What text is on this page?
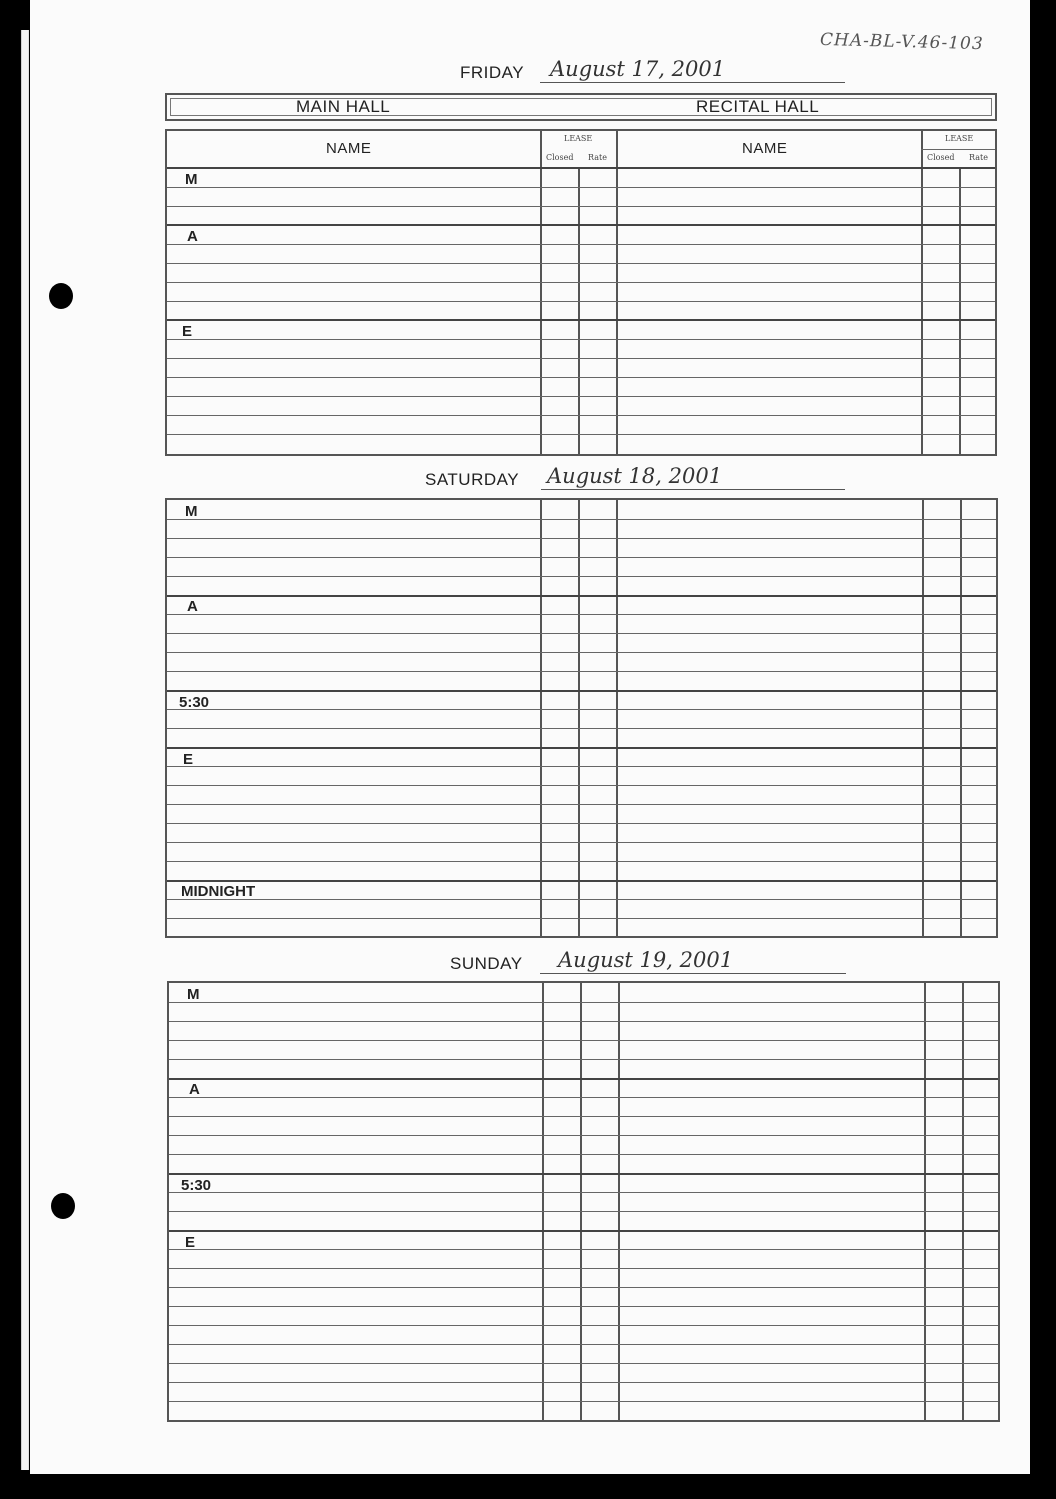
CHA-BL-V.46-103
FRIDAY August 17, 2001
MAIN HALL	RECITAL HALL
NAME	NAME
LEASE
Closed Rate
LEASE
Closed Rate
M
A
E
SATURDAY August 18, 2001
M
A
5:30
E
MIDNIGHT
SUNDAY August 19, 2001
M
A
5:30
E
